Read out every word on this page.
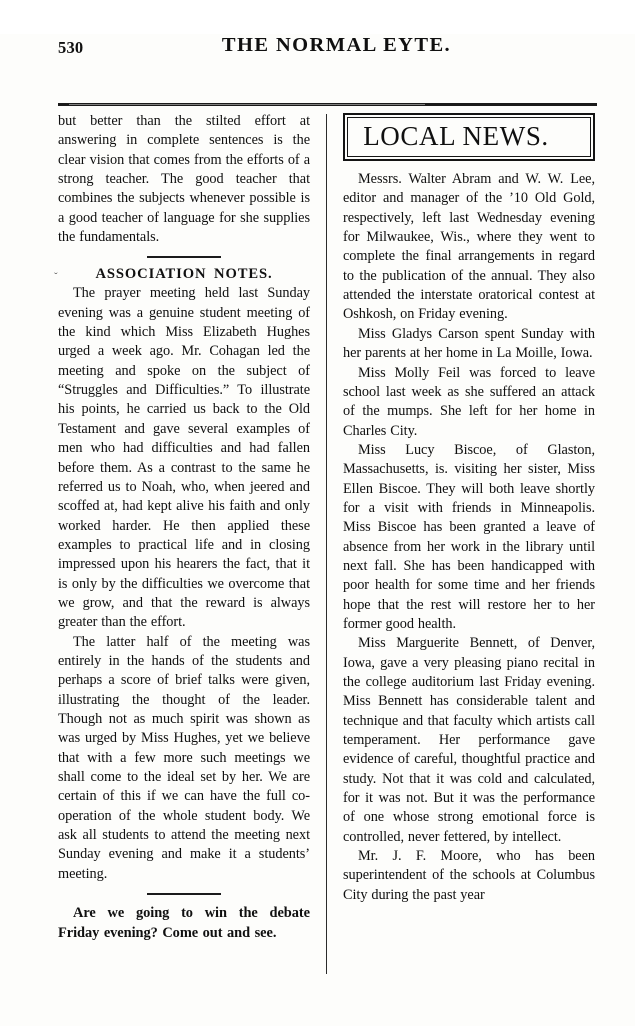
530	THE NORMAL EYTE.

but better than the stilted effort at answering in complete sentences is the clear vision that comes from the efforts of a strong teacher. The good teacher that combines the subjects whenever possible is a good teacher of language for she supplies the fundamentals.

ˇ	ASSOCIATION NOTES.

The prayer meeting held last Sunday evening was a genuine student meeting of the kind which Miss Elizabeth Hughes urged a week ago. Mr. Cohagan led the meeting and spoke on the subject of “Struggles and Difficulties.” To illustrate his points, he carried us back to the Old Testament and gave several examples of men who had difficulties and had fallen before them. As a contrast to the same he referred us to Noah, who, when jeered and scoffed at, had kept alive his faith and only worked harder. He then applied these examples to practical life and in closing impressed upon his hearers the fact, that it is only by the difficulties we overcome that we grow, and that the reward is always greater than the effort.

The latter half of the meeting was entirely in the hands of the students and perhaps a score of brief talks were given, illustrating the thought of the leader. Though not as much spirit was shown as was urged by Miss Hughes, yet we believe that with a few more such meetings we shall come to the ideal set by her. We are certain of this if we can have the full co-operation of the whole student body. We ask all students to attend the meeting next Sunday evening and make it a students’ meeting.

Are we going to win the debate Friday evening? Come out and see.

LOCAL NEWS.

Messrs. Walter Abram and W. W. Lee, editor and manager of the ’10 Old Gold, respectively, left last Wednesday evening for Milwaukee, Wis., where they went to complete the final arrangements in regard to the publication of the annual. They also attended the interstate oratorical contest at Oshkosh, on Friday evening.

Miss Gladys Carson spent Sunday with her parents at her home in La Moille, Iowa.

Miss Molly Feil was forced to leave school last week as she suffered an attack of the mumps. She left for her home in Charles City.

Miss Lucy Biscoe, of Glaston, Massachusetts, is. visiting her sister, Miss Ellen Biscoe. They will both leave shortly for a visit with friends in Minneapolis. Miss Biscoe has been granted a leave of absence from her work in the library until next fall. She has been handicapped with poor health for some time and her friends hope that the rest will restore her to her former good health.

Miss Marguerite Bennett, of Denver, Iowa, gave a very pleasing piano recital in the college auditorium last Friday evening. Miss Bennett has considerable talent and technique and that faculty which artists call temperament. Her performance gave evidence of careful, thoughtful practice and study. Not that it was cold and calculated, for it was not. But it was the performance of one whose strong emotional force is controlled, never fettered, by intellect.

Mr. J. F. Moore, who has been superintendent of the schools at Columbus City during the past year
